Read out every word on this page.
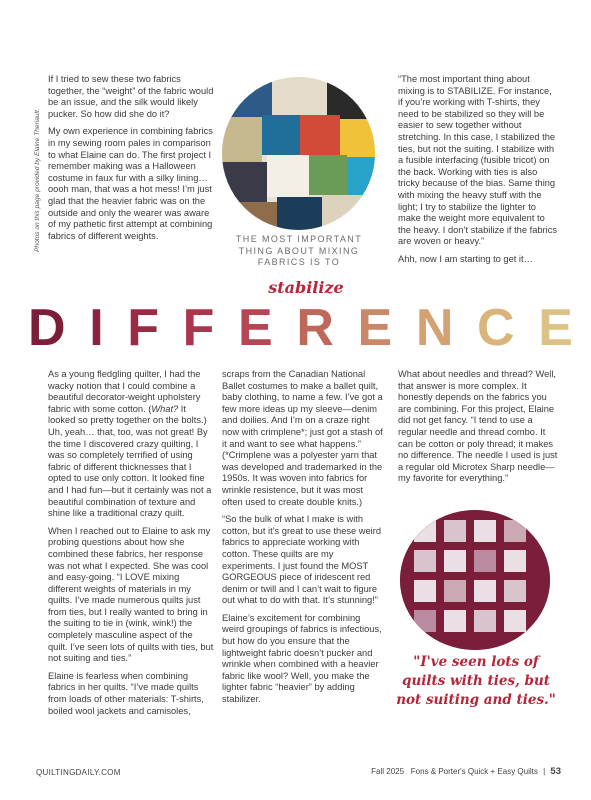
Photos on this page provided by Elaine Theriault.

If I tried to sew these two fabrics together, the “weight” of the fabric would be an issue, and the silk would likely pucker. So how did she do it?

My own experience in combining fabrics in my sewing room pales in comparison to what Elaine can do. The first project I remember making was a Halloween costume in faux fur with a silky lining… oooh man, that was a hot mess! I’m just glad that the heavier fabric was on the outside and only the wearer was aware of my pathetic first attempt at combining fabrics of different weights.	THE MOST IMPORTANT
THING ABOUT MIXING
FABRICS IS TO
stabilize

“The most important thing about mixing is to STABILIZE. For instance, if you’re working with T-shirts, they need to be stabilized so they will be easier to sew together without stretching. In this case, I stabilized the ties, but not the suiting. I stabilize with a fusible interfacing (fusible tricot) on the back. Working with ties is also tricky because of the bias. Same thing with mixing the heavy stuff with the light; I try to stabilize the lighter to make the weight more equivalent to the heavy. I don’t stabilize if the fabrics are woven or heavy.”

Ahh, now I am starting to get it…

D I F F E R E N C E

As a young fledgling quilter, I had the wacky notion that I could combine a beautiful decorator-weight upholstery fabric with some cotton. (What? It looked so pretty together on the bolts.) Uh, yeah… that, too, was not great! By the time I discovered crazy quilting, I was so completely terrified of using fabric of different thicknesses that I opted to use only cotton. It looked fine and I had fun—but it certainly was not a beautiful combination of texture and shine like a traditional crazy quilt.

When I reached out to Elaine to ask my probing questions about how she combined these fabrics, her response was not what I expected. She was cool and easy-going. “I LOVE mixing different weights of materials in my quilts. I’ve made numerous quilts just from ties, but I really wanted to bring in the suiting to tie in (wink, wink!) the completely masculine aspect of the quilt. I’ve seen lots of quilts with ties, but not suiting and ties.”

Elaine is fearless when combining fabrics in her quilts. “I’ve made quilts from loads of other materials: T-shirts, boiled wool jackets and camisoles,

scraps from the Canadian National Ballet costumes to make a ballet quilt, baby clothing, to name a few. I’ve got a few more ideas up my sleeve—denim and doilies. And I’m on a craze right now with crimplene*; just got a stash of it and want to see what happens.” (*Crimplene was a polyester yarn that was developed and trademarked in the 1950s. It was woven into fabrics for wrinkle resistence, but it was most often used to create double knits.)

“So the bulk of what I make is with cotton, but it’s great to use these weird fabrics to appreciate working with cotton. These quilts are my experiments. I just found the MOST GORGEOUS piece of iridescent red denim or twill and I can’t wait to figure out what to do with that. It’s stunning!”

Elaine’s excitement for combining weird groupings of fabrics is infectious, but how do you ensure that the lightweight fabric doesn’t pucker and wrinkle when combined with a heavier fabric like wool? Well, you make the lighter fabric “heavier” by adding stabilizer.

What about needles and thread? Well, that answer is more complex. It honestly depends on the fabrics you are combining. For this project, Elaine did not get fancy. “I tend to use a regular needle and thread combo. It can be cotton or poly thread; it makes no difference. The needle I used is just a regular old Microtex Sharp needle—my favorite for everything.”

"I've seen lots of
quilts with ties, but
not suiting and ties."
QUILTINGDAILY.COM	Fall 2025 Fons & Porter's Quick + Easy Quilts | 53
